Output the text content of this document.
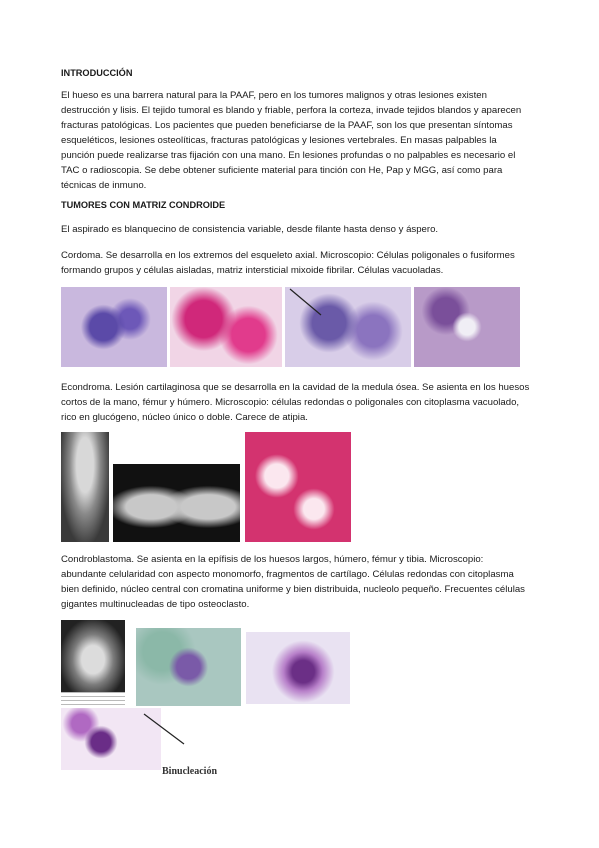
INTRODUCCIÓN
El hueso es una barrera natural para la PAAF, pero en los tumores malignos y otras lesiones existen destrucción y lisis. El tejido tumoral es blando y friable, perfora la corteza, invade tejidos blandos y aparecen fracturas patológicas. Los pacientes que pueden beneficiarse de la PAAF, son los que presentan síntomas esqueléticos, lesiones osteolíticas, fracturas patológicas y lesiones vertebrales. En masas palpables la punción puede realizarse tras fijación con una mano. En lesiones profundas o no palpables es necesario el TAC o radioscopia. Se debe obtener suficiente material para tinción con He, Pap y MGG, así como para técnicas de inmuno.
TUMORES CON MATRIZ CONDROIDE
El aspirado es blanquecino de consistencia variable, desde filante hasta denso y áspero.
Cordoma. Se desarrolla en los extremos del esqueleto axial. Microscopio: Células poligonales o fusiformes formando grupos y células aisladas, matriz intersticial mixoide fibrilar. Células vacuoladas.
Econdroma. Lesión cartilaginosa que se desarrolla en la cavidad de la medula ósea. Se asienta en los huesos cortos de la mano, fémur y húmero. Microscopio: células redondas o poligonales con citoplasma vacuolado, rico en glucógeno, núcleo único o doble. Carece de atipia.
Condroblastoma. Se asienta en la epífisis de los huesos largos, húmero, fémur y tibia. Microscopio: abundante celularidad con aspecto monomorfo, fragmentos de cartílago. Células redondas con citoplasma bien definido, núcleo central con cromatina uniforme y bien distribuida, nucleolo pequeño. Frecuentes células gigantes multinucleadas de tipo osteoclasto.
Binucleación
